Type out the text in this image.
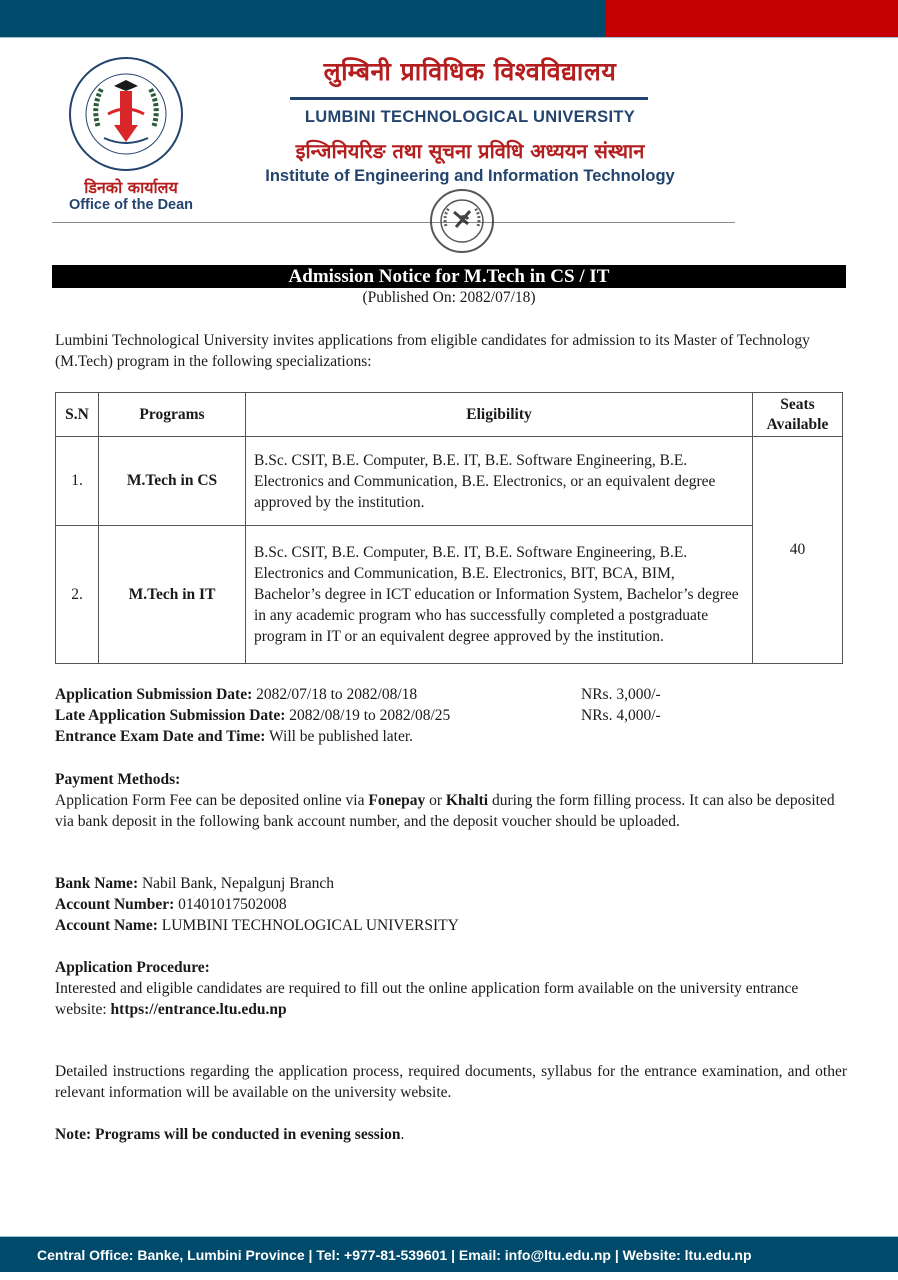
डिनको कार्यालय
Office of the Dean
लुम्बिनी प्राविधिक विश्वविद्यालय
LUMBINI TECHNOLOGICAL UNIVERSITY
इन्जिनियरिङ तथा सूचना प्रविधि अध्ययन संस्थान
Institute of Engineering and Information Technology
Admission Notice for M.Tech in CS / IT
(Published On: 2082/07/18)
Lumbini Technological University invites applications from eligible candidates for admission to its Master of Technology (M.Tech) program in the following specializations:
S.N	Programs	Eligibility	Seats Available
1.	M.Tech in CS	B.Sc. CSIT, B.E. Computer, B.E. IT, B.E. Software Engineering, B.E. Electronics and Communication, B.E. Electronics, or an equivalent degree approved by the institution.	40
2.	M.Tech in IT	B.Sc. CSIT, B.E. Computer, B.E. IT, B.E. Software Engineering, B.E. Electronics and Communication, B.E. Electronics, BIT, BCA, BIM, Bachelor’s degree in ICT education or Information System, Bachelor’s degree in any academic program who has successfully completed a postgraduate program in IT or an equivalent degree approved by the institution.	
Application Submission Date: 2082/07/18 to 2082/08/18	NRs. 3,000/-
Late Application Submission Date: 2082/08/19 to 2082/08/25	NRs. 4,000/-
Entrance Exam Date and Time: Will be published later.
Payment Methods:
Application Form Fee can be deposited online via Fonepay or Khalti during the form filling process. It can also be deposited via bank deposit in the following bank account number, and the deposit voucher should be uploaded.
Bank Name: Nabil Bank, Nepalgunj Branch
Account Number: 01401017502008
Account Name: LUMBINI TECHNOLOGICAL UNIVERSITY
Application Procedure:
Interested and eligible candidates are required to fill out the online application form available on the university entrance website: https://entrance.ltu.edu.np
Detailed instructions regarding the application process, required documents, syllabus for the entrance examination, and other relevant information will be available on the university website.
Note: Programs will be conducted in evening session.
Central Office: Banke, Lumbini Province | Tel: +977-81-539601 | Email: info@ltu.edu.np | Website: ltu.edu.np
